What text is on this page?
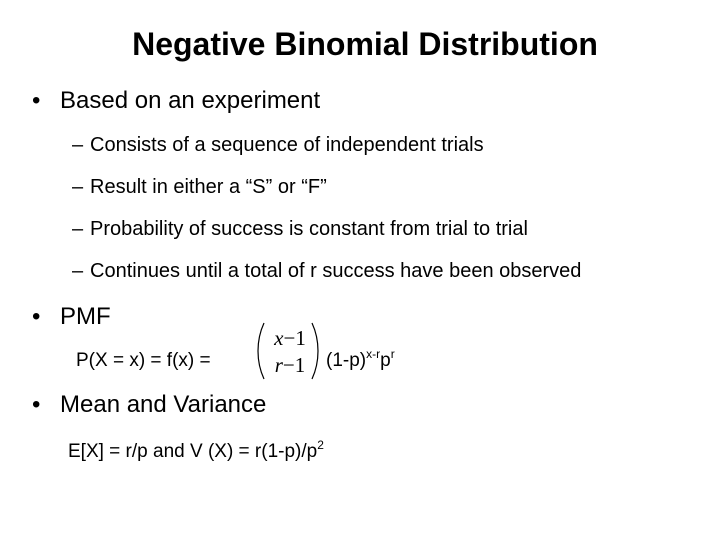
Negative Binomial Distribution
• Based on an experiment
– Consists of a sequence of independent trials
– Result in either a “S” or “F”
– Probability of success is constant from trial to trial
– Continues until a total of r success have been observed
• PMF
P(X = x) = f(x) =
x−1
r−1	$(1-p)^{x-r}p^r$
• Mean and Variance
E[X] = r/p and V $(X) = r(1-p)/p^2$
